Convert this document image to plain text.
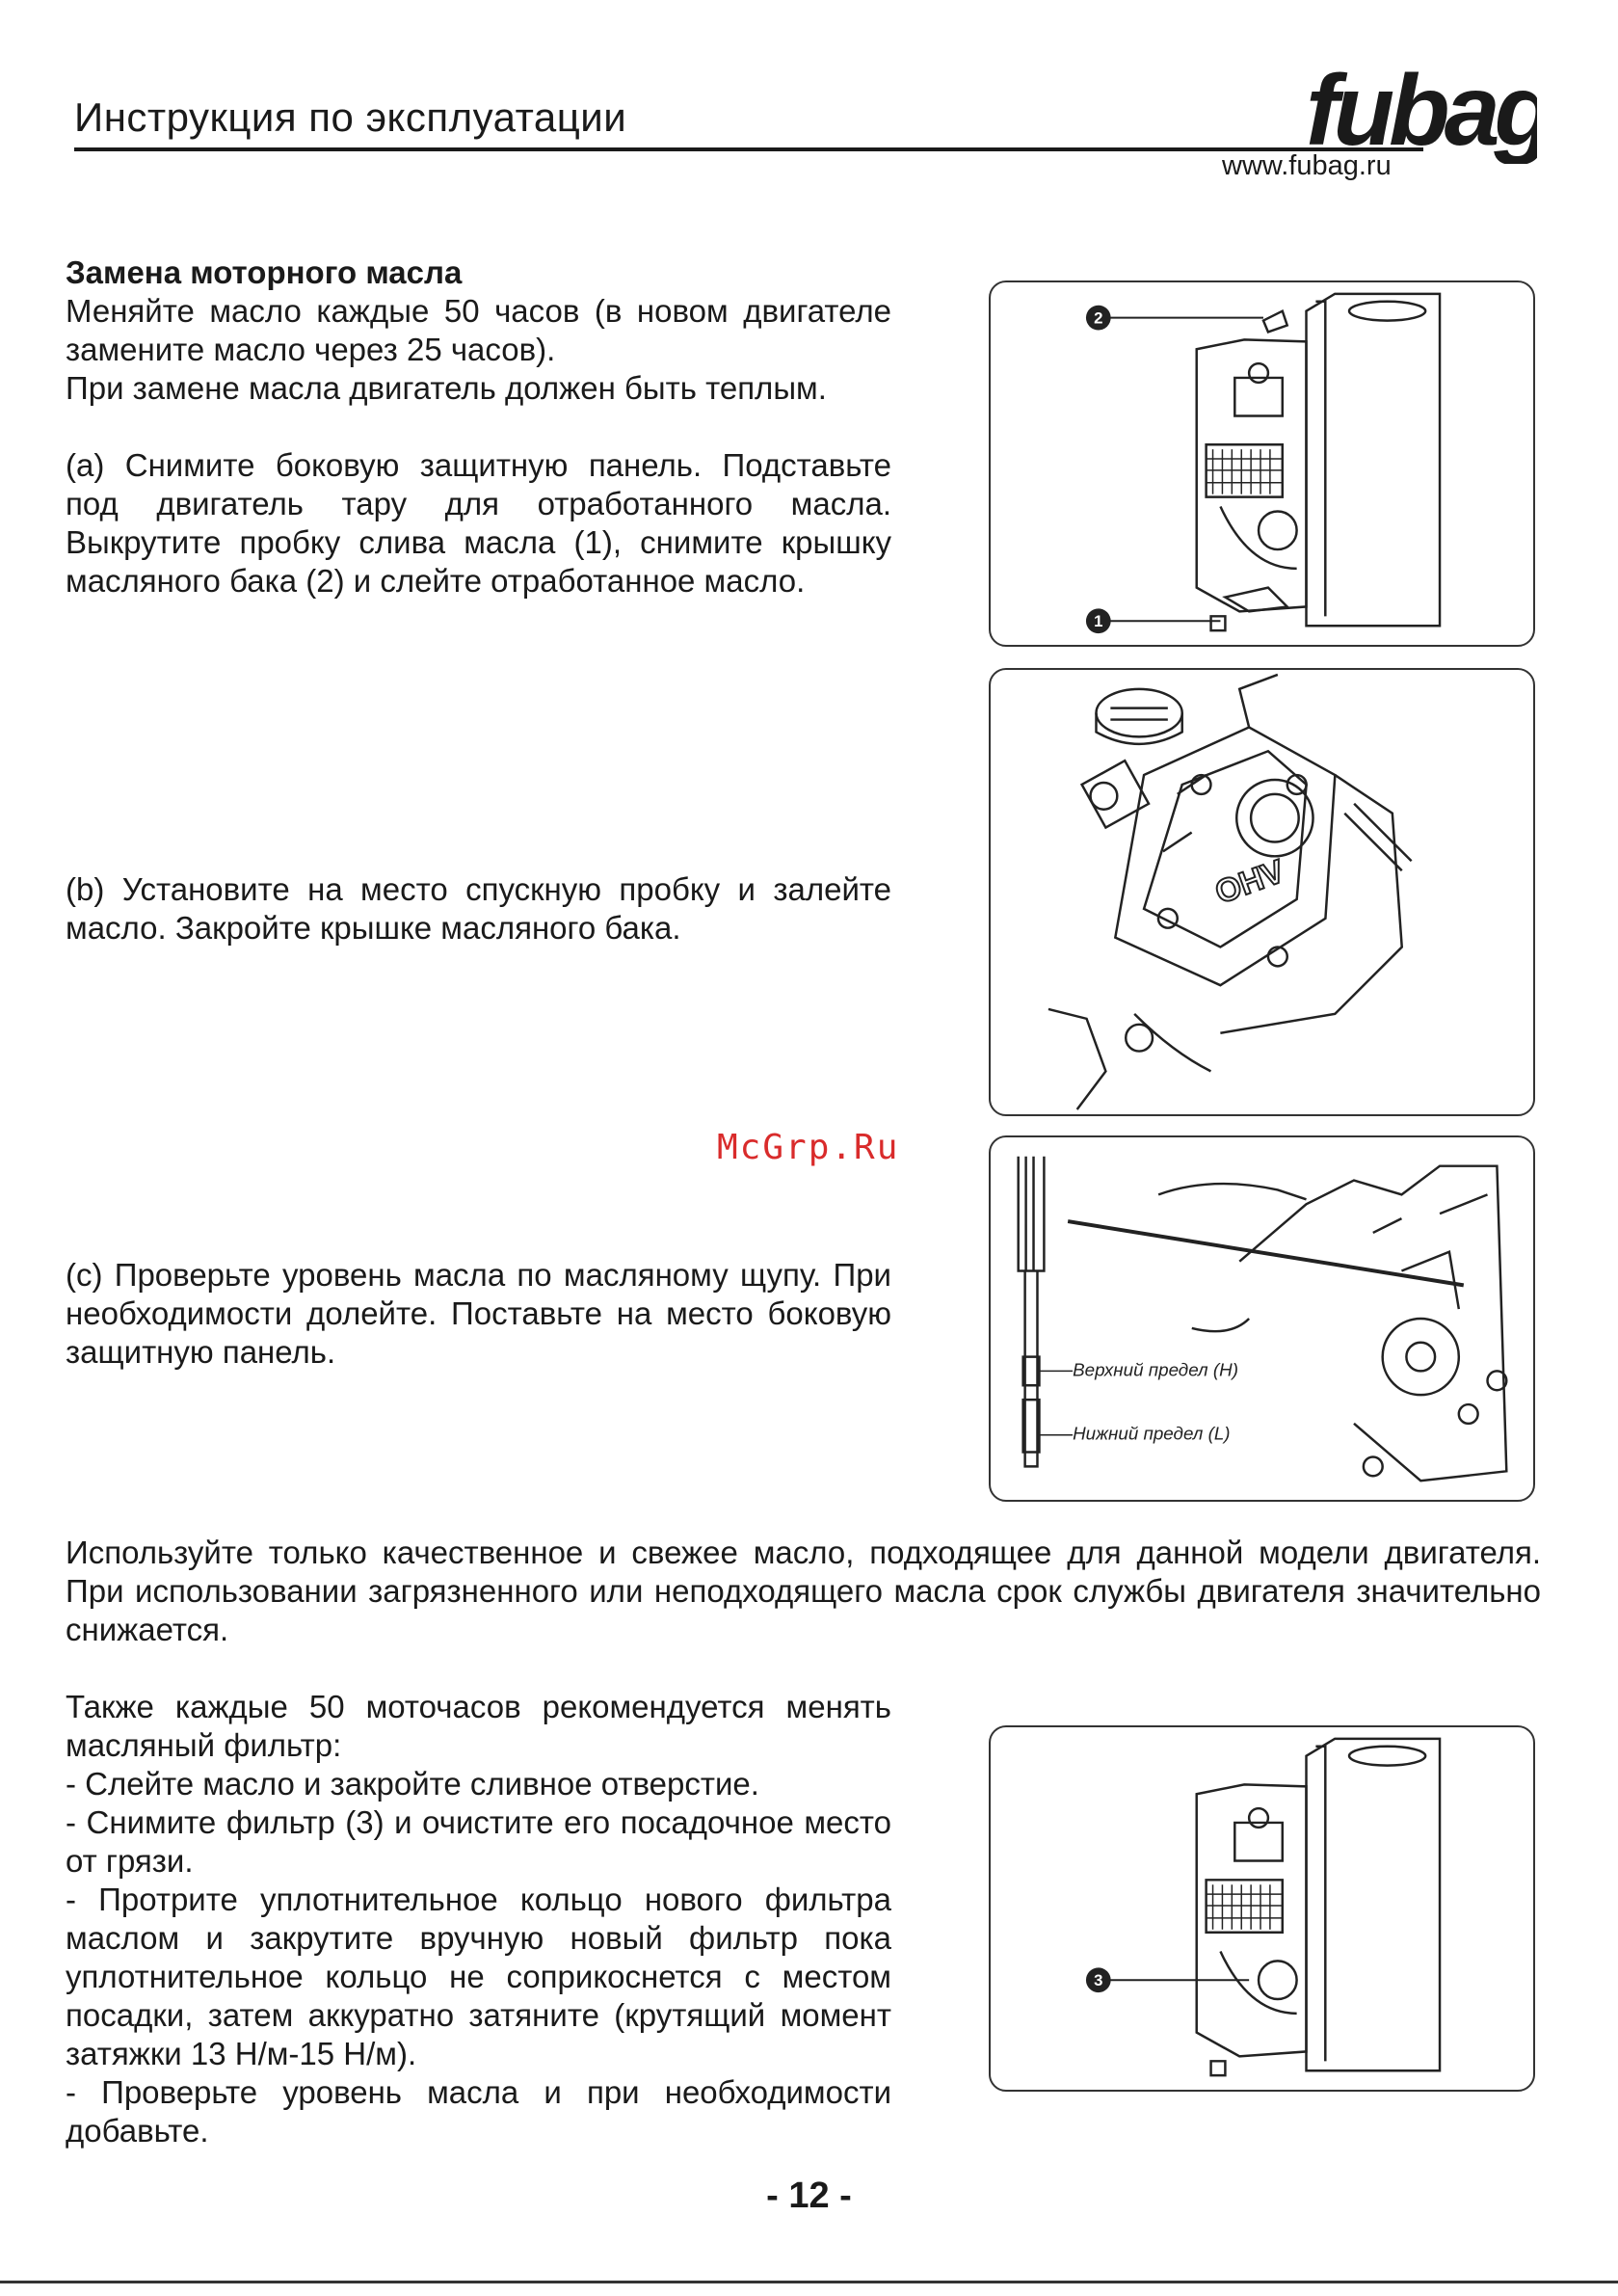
Инструкция по эксплуатации	fubag
www.fubag.ru

Замена моторного масла

Меняйте масло каждые 50 часов (в новом двигателе замените масло через 25 часов).

При замене масла двигатель должен быть теплым.

(a) Снимите боковую защитную панель. Подставьте под двигатель тару для отработанного масла. Выкрутите пробку слива масла (1), снимите крышку масляного бака (2) и слейте отработанное масло.

2
1

(b) Установите на место спускную пробку и залейте масло. Закройте крышке масляного бака.

OHV
McGrp.Ru

(c) Проверьте уровень масла по масляному щупу. При необходимости долейте. Поставьте на место боковую защитную панель.	Верхний предел (H)
Нижний предел (L)

Используйте только качественное и свежее масло, подходящее для данной модели двигателя. При использовании загрязненного или неподходящего масла срок службы двигателя значительно снижается.

Также каждые 50 моточасов рекомендуется менять масляный фильтр:

- Слейте масло и закройте сливное отверстие.

- Снимите фильтр (3) и очистите его посадочное место от грязи.

- Протрите уплотнительное кольцо нового фильтра маслом и закрутите вручную новый фильтр пока уплотнительное кольцо не соприкоснется с местом посадки, затем аккуратно затяните (крутящий момент затяжки 13 Н/м-15 Н/м).

- Проверьте уровень масла и при необходимости добавьте.

3
- 12 -
